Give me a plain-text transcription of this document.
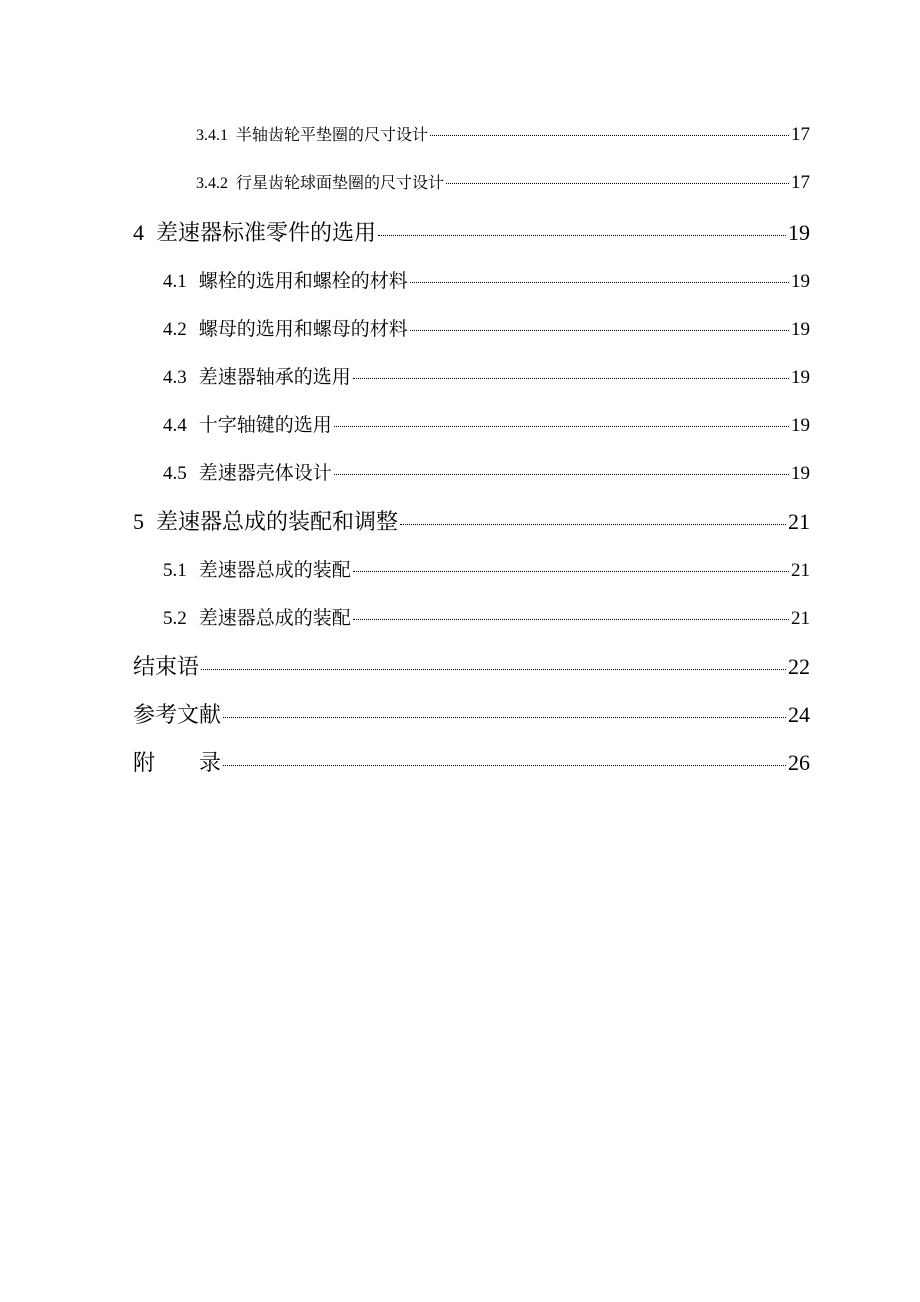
3.4.1 半轴齿轮平垫圈的尺寸设计	17
3.4.2 行星齿轮球面垫圈的尺寸设计	17
4 差速器标准零件的选用	19
4.1 螺栓的选用和螺栓的材料	19
4.2 螺母的选用和螺母的材料	19
4.3 差速器轴承的选用	19
4.4 十字轴键的选用	19
4.5 差速器壳体设计	19
5 差速器总成的装配和调整	21
5.1 差速器总成的装配	21
5.2 差速器总成的装配	21
结束语	22
参考文献	24
附　　录	26
